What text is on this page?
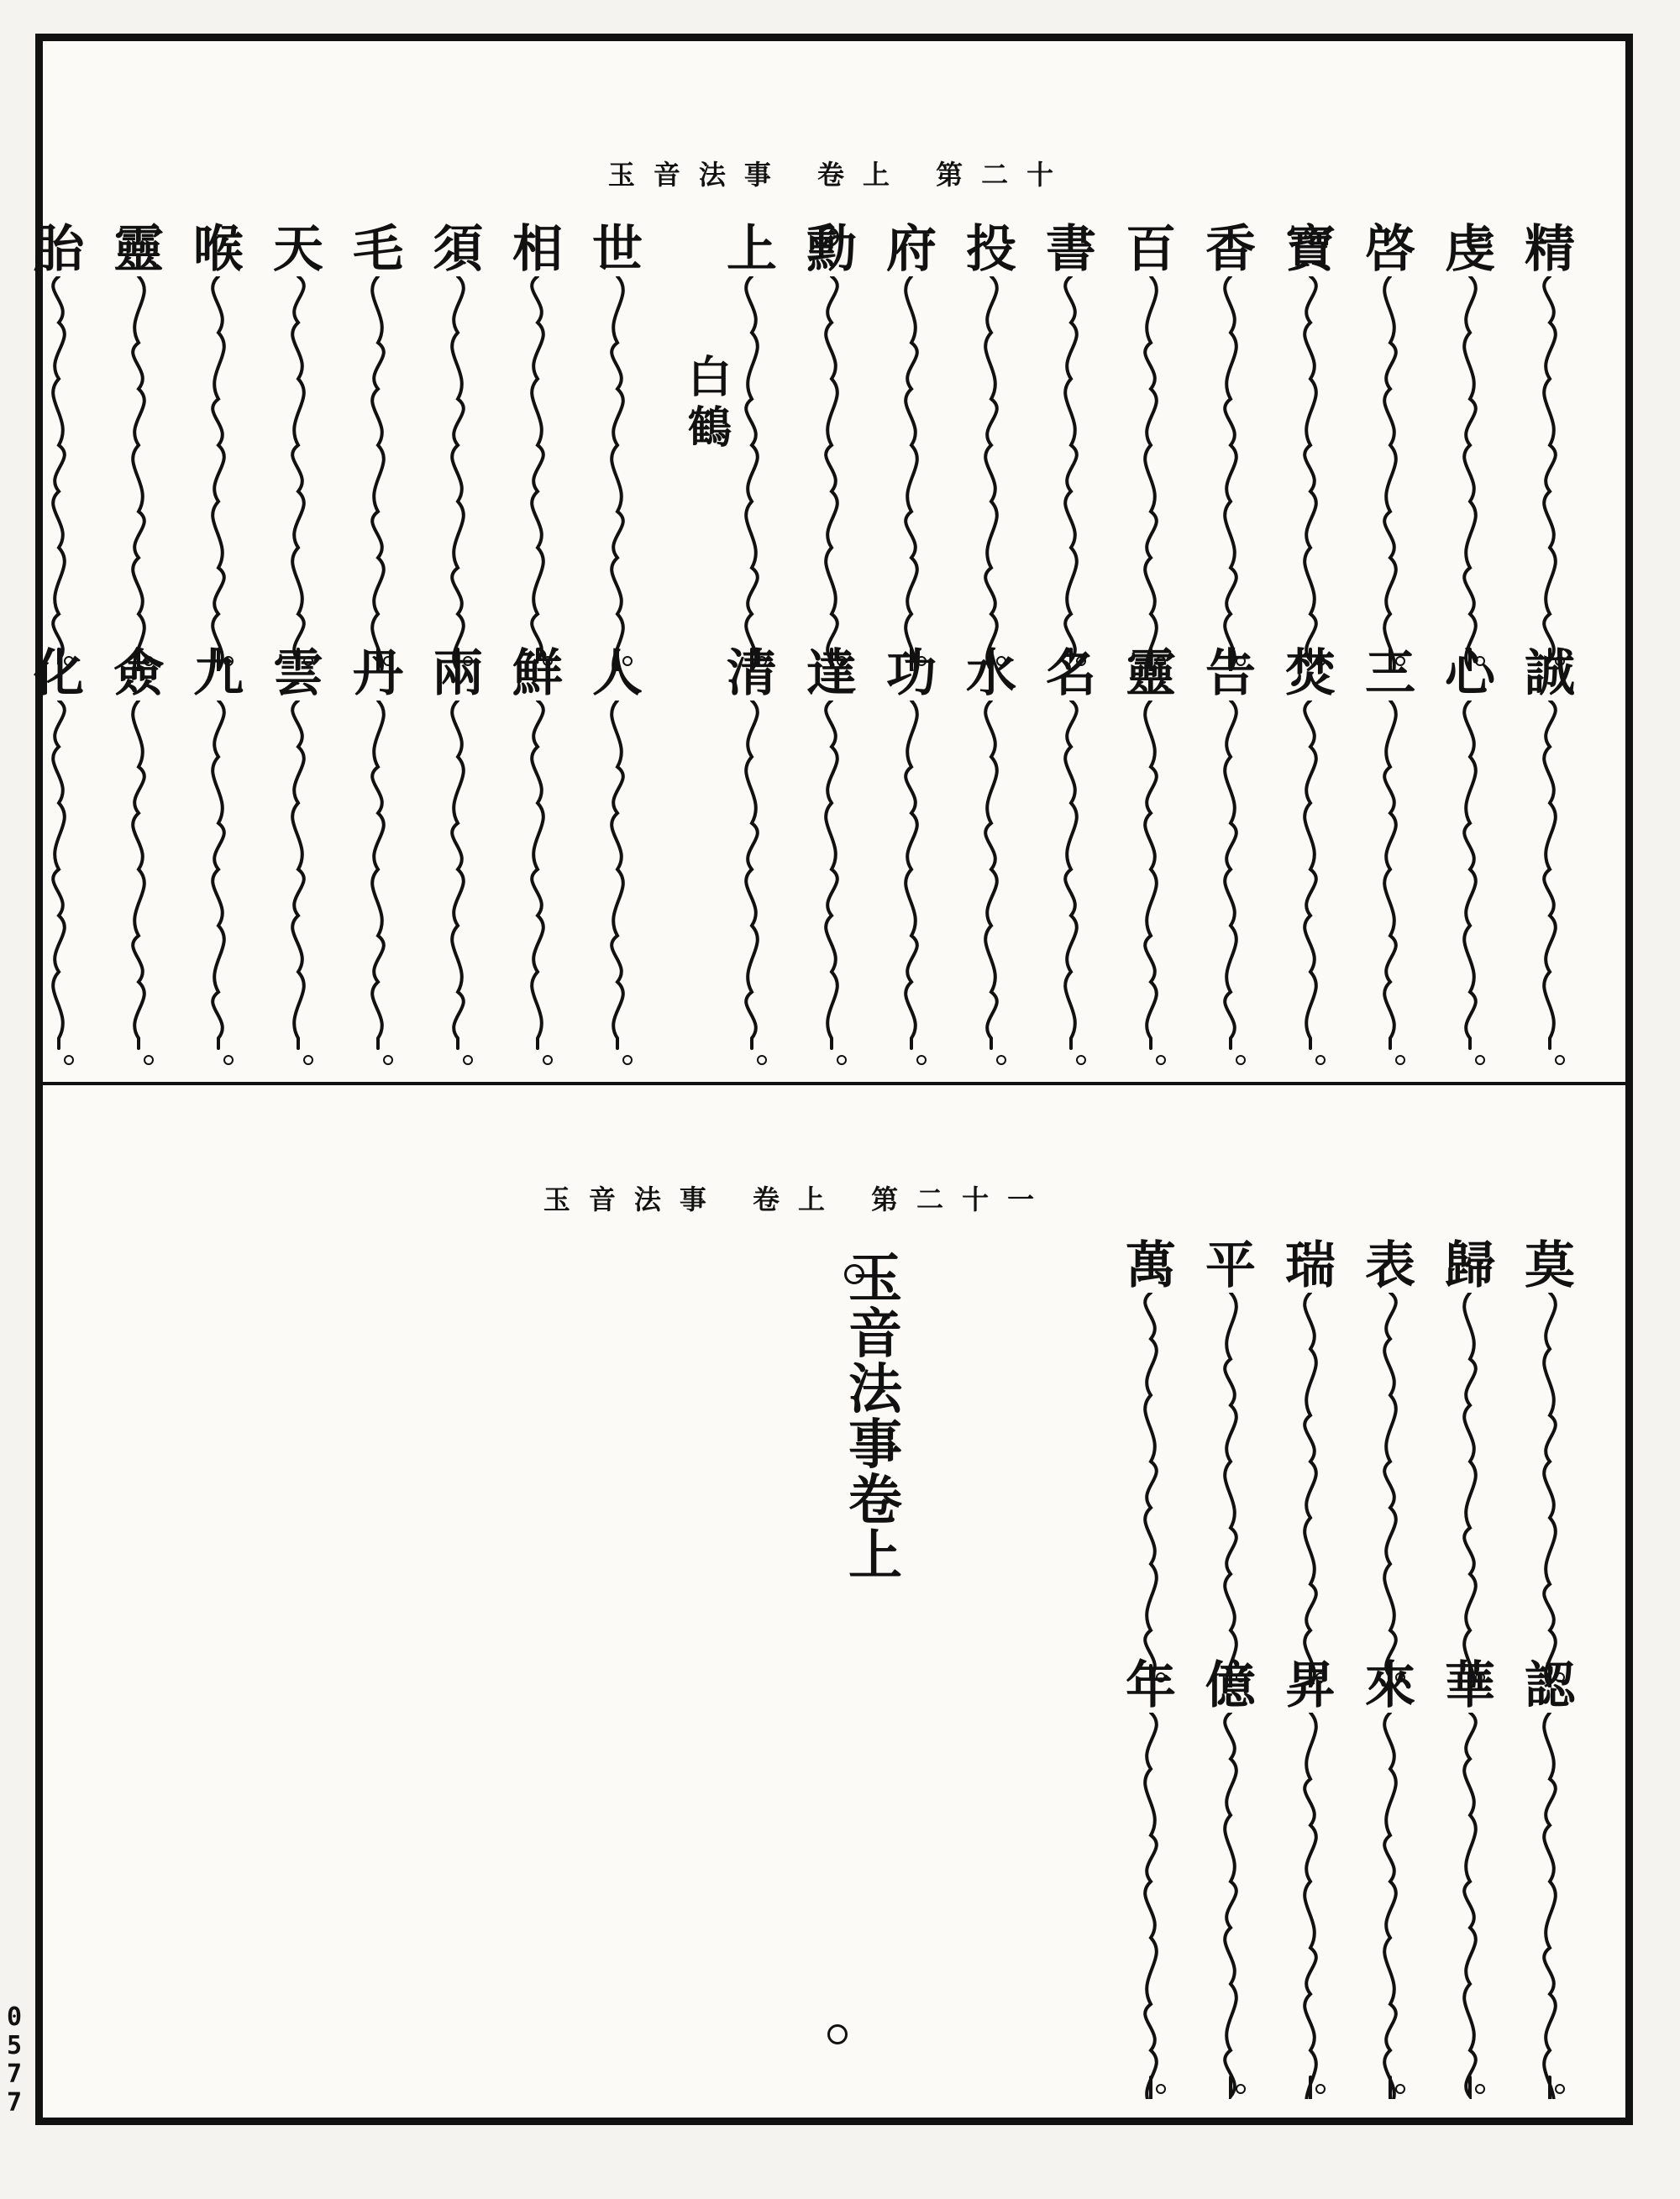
玉音法事 卷上 第二十
玉音法事 卷上 第二十一
白鶴
玉音法事卷上
0
5
7
7
精
虔
啓
寶
香
百
書
投
府
勳
上
世
相
須
毛
天
喉
靈
胎
誠
心
三
焚
告
靈
名
水
功
達
清
人
鮮
兩
丹
雲
九
僉
化
莫
歸
表
瑞
平
萬
認
華
來
昇
億
年
